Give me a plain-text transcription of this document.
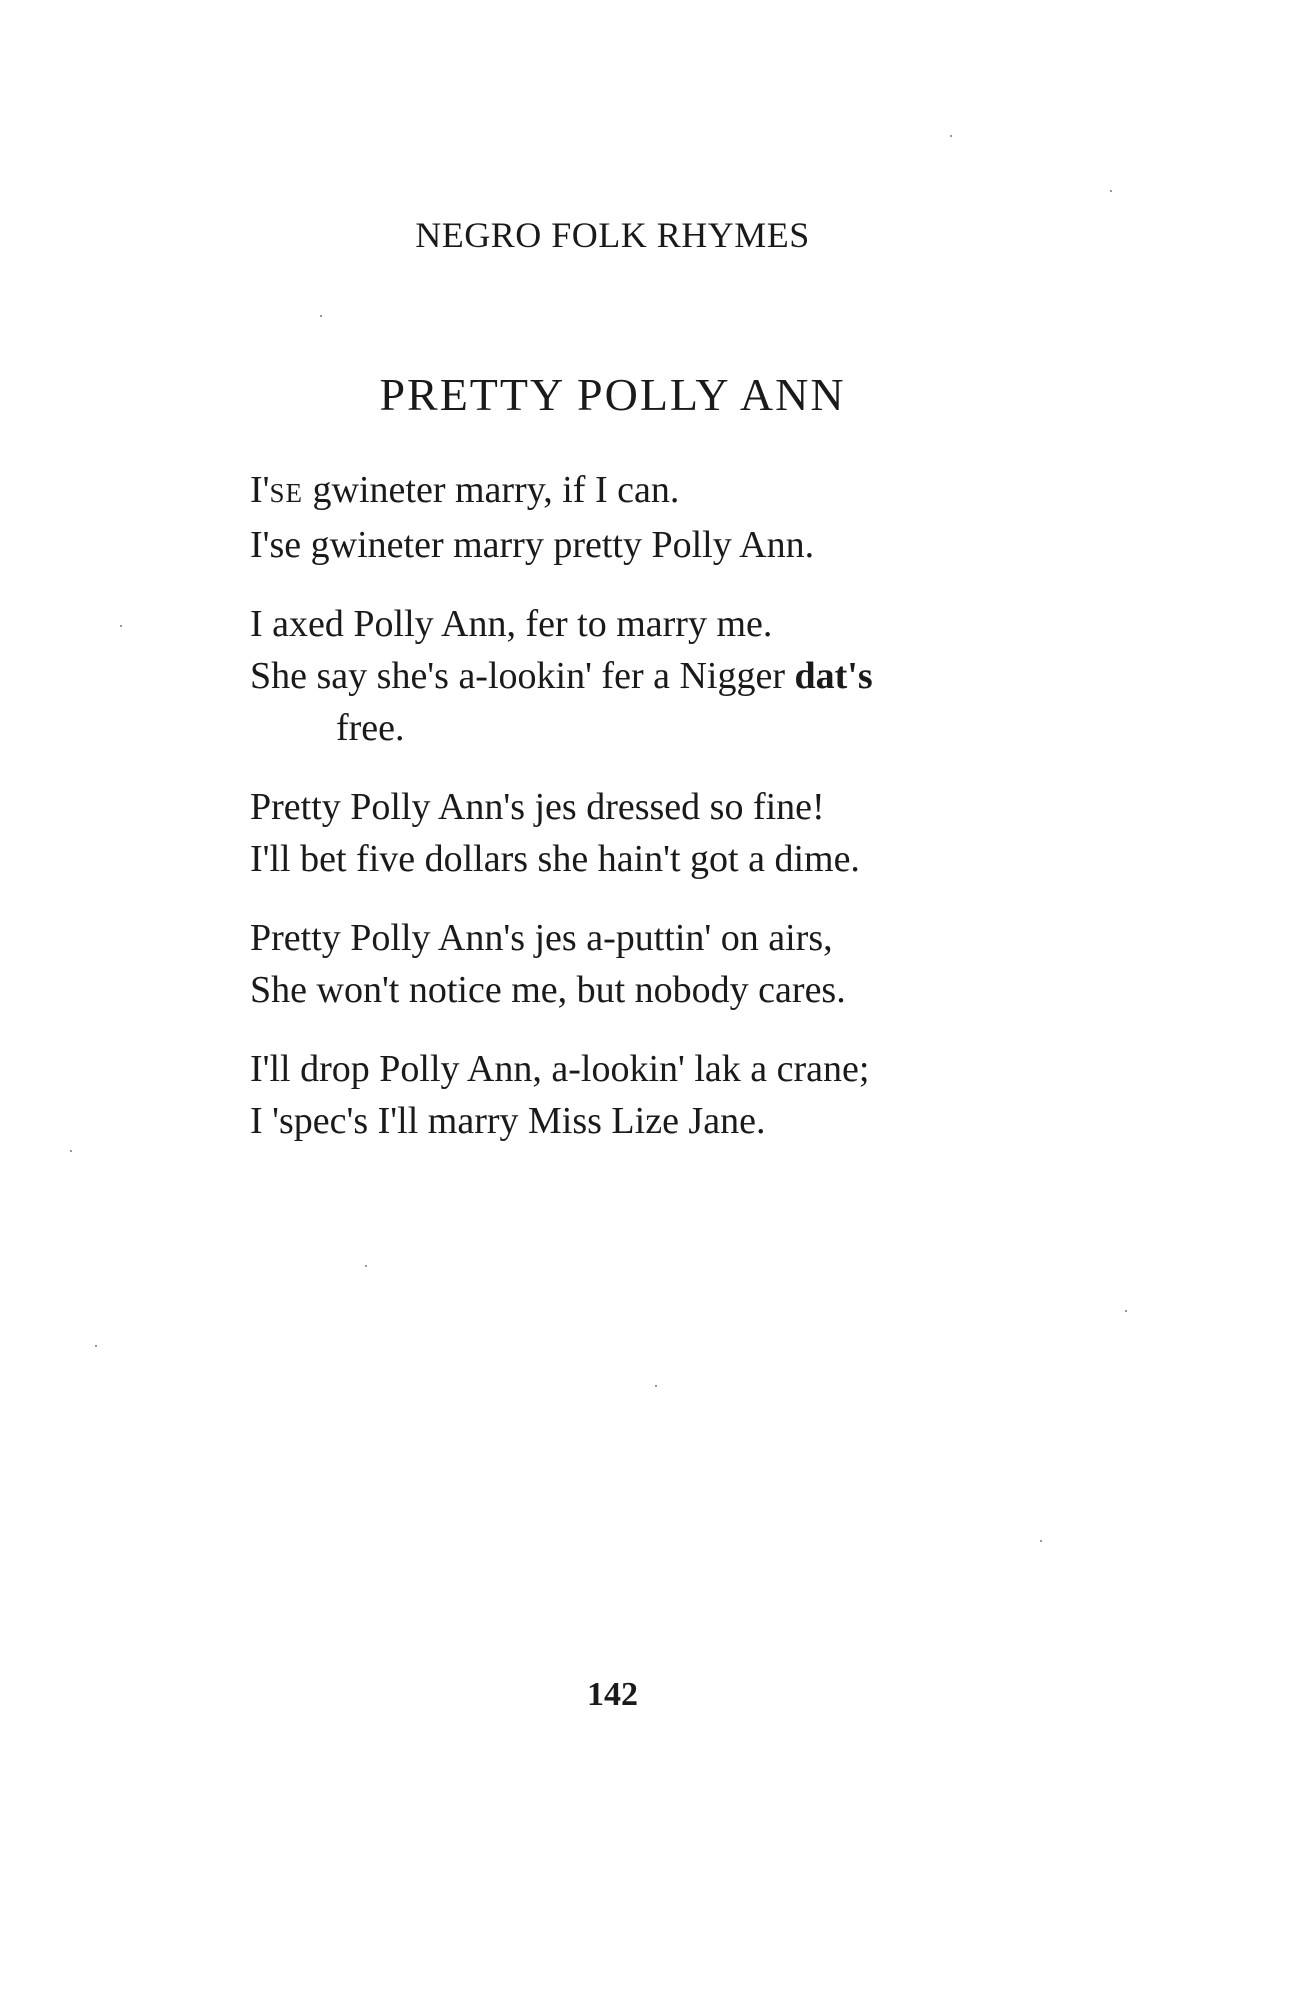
NEGRO FOLK RHYMES
PRETTY POLLY ANN
I'SE gwineter marry, if I can.
I'se gwineter marry pretty Polly Ann.
I axed Polly Ann, fer to marry me.
She say she's a-lookin' fer a Nigger dat's
free.
Pretty Polly Ann's jes dressed so fine!
I'll bet five dollars she hain't got a dime.
Pretty Polly Ann's jes a-puttin' on airs,
She won't notice me, but nobody cares.
I'll drop Polly Ann, a-lookin' lak a crane;
I 'spec's I'll marry Miss Lize Jane.
142
